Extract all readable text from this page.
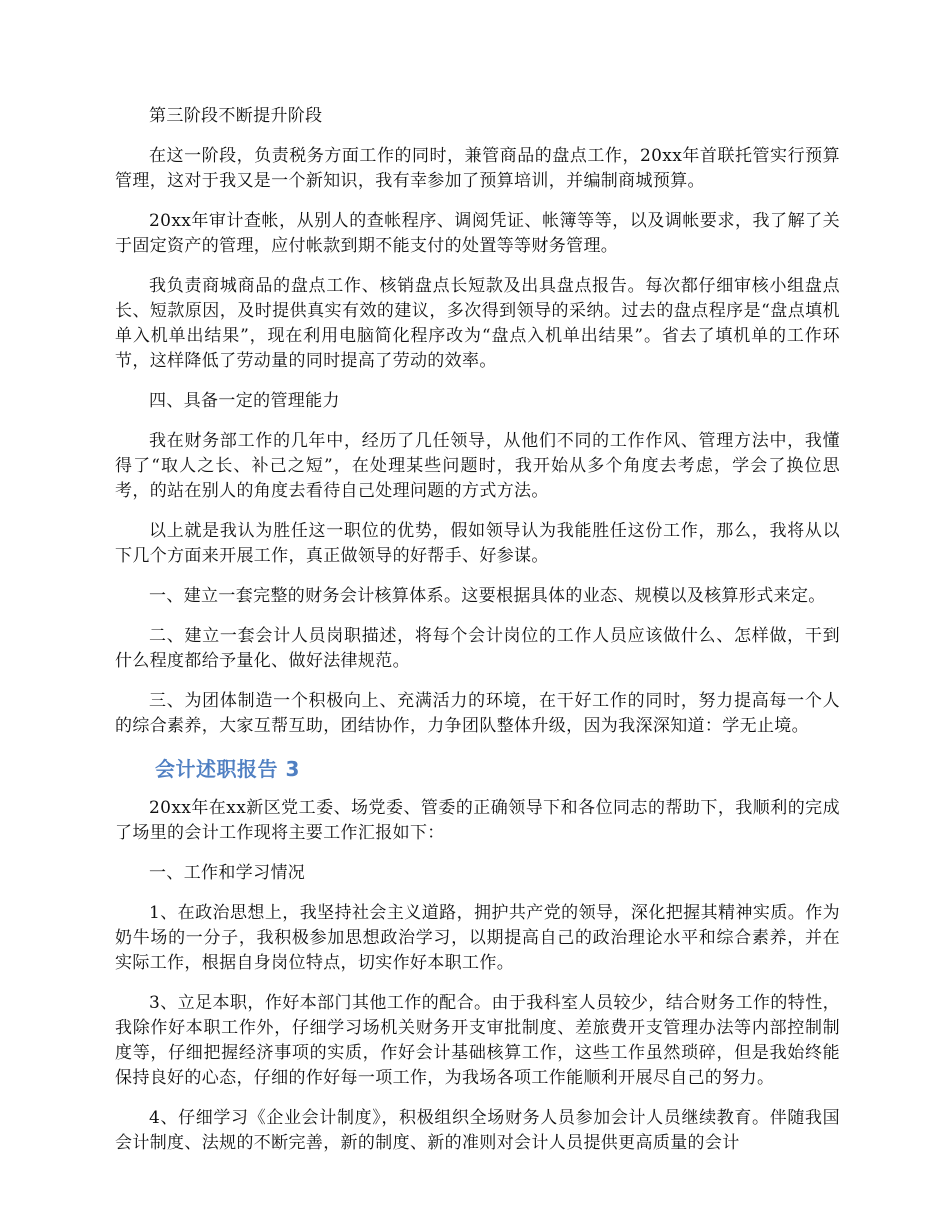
第三阶段不断提升阶段

在这一阶段，负责税务方面工作的同时，兼管商品的盘点工作，20xx年首联托管实行预算管理，这对于我又是一个新知识，我有幸参加了预算培训，并编制商城预算。

20xx年审计查帐，从别人的查帐程序、调阅凭证、帐簿等等，以及调帐要求，我了解了关于固定资产的管理，应付帐款到期不能支付的处置等等财务管理。

我负责商城商品的盘点工作、核销盘点长短款及出具盘点报告。每次都仔细审核小组盘点长、短款原因，及时提供真实有效的建议，多次得到领导的采纳。过去的盘点程序是“盘点填机单入机单出结果”，现在利用电脑简化程序改为“盘点入机单出结果”。省去了填机单的工作环节，这样降低了劳动量的同时提高了劳动的效率。

四、具备一定的管理能力

我在财务部工作的几年中，经历了几任领导，从他们不同的工作作风、管理方法中，我懂得了“取人之长、补己之短”，在处理某些问题时，我开始从多个角度去考虑，学会了换位思考，的站在别人的角度去看待自己处理问题的方式方法。

以上就是我认为胜任这一职位的优势，假如领导认为我能胜任这份工作，那么，我将从以下几个方面来开展工作，真正做领导的好帮手、好参谋。

一、建立一套完整的财务会计核算体系。这要根据具体的业态、规模以及核算形式来定。

二、建立一套会计人员岗职描述，将每个会计岗位的工作人员应该做什么、怎样做，干到什么程度都给予量化、做好法律规范。

三、为团体制造一个积极向上、充满活力的环境，在干好工作的同时，努力提高每一个人的综合素养，大家互帮互助，团结协作，力争团队整体升级，因为我深深知道：学无止境。

会计述职报告 3

20xx年在xx新区党工委、场党委、管委的正确领导下和各位同志的帮助下，我顺利的完成了场里的会计工作现将主要工作汇报如下：

一、工作和学习情况

1、在政治思想上，我坚持社会主义道路，拥护共产党的领导，深化把握其精神实质。作为奶牛场的一分子，我积极参加思想政治学习，以期提高自己的政治理论水平和综合素养，并在实际工作，根据自身岗位特点，切实作好本职工作。

3、立足本职，作好本部门其他工作的配合。由于我科室人员较少，结合财务工作的特性，我除作好本职工作外，仔细学习场机关财务开支审批制度、差旅费开支管理办法等内部控制制度等，仔细把握经济事项的实质，作好会计基础核算工作，这些工作虽然琐碎，但是我始终能保持良好的心态，仔细的作好每一项工作，为我场各项工作能顺利开展尽自己的努力。

4、仔细学习《企业会计制度》，积极组织全场财务人员参加会计人员继续教育。伴随我国会计制度、法规的不断完善，新的制度、新的准则对会计人员提供更高质量的会计
